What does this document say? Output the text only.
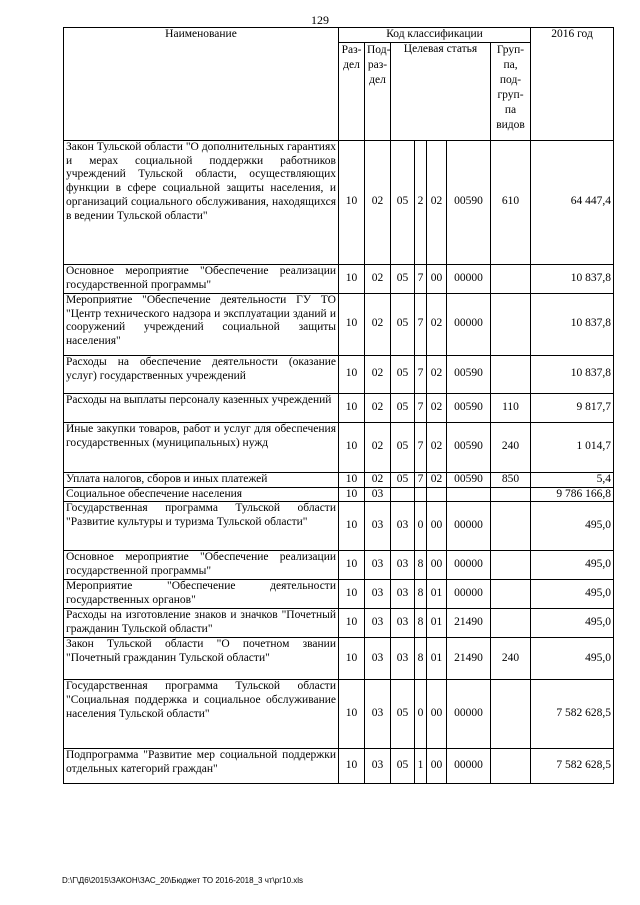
129
Наименование	Код классификации							2016 год
	Раз- дел	Под- раз- дел	Целевая статья				Груп- па, под- груп- па видов	
Закон Тульской области "О дополнительных гарантиях и мерах социальной поддержки работников учреждений Тульской области, осуществляющих функции в сфере социальной защиты населения, и организаций социального обслуживания, находящихся в ведении Тульской области"	10	02	05	2	02	00590	610	64 447,4
Основное мероприятие "Обеспечение реализации государственной программы"	10	02	05	7	00	00000		10 837,8
Мероприятие "Обеспечение деятельности ГУ ТО "Центр технического надзора и эксплуатации зданий и сооружений учреждений социальной защиты населения"	10	02	05	7	02	00000		10 837,8
Расходы на обеспечение деятельности (оказание услуг) государственных учреждений	10	02	05	7	02	00590		10 837,8
Расходы на выплаты персоналу казенных учреждений	10	02	05	7	02	00590	110	9 817,7
Иные закупки товаров, работ и услуг для обеспечения государственных (муниципальных) нужд	10	02	05	7	02	00590	240	1 014,7
Уплата налогов, сборов и иных платежей	10	02	05	7	02	00590	850	5,4
Социальное обеспечение населения	10	03						9 786 166,8
Государственная программа Тульской области "Развитие культуры и туризма Тульской области"	10	03	03	0	00	00000		495,0
Основное мероприятие "Обеспечение реализации государственной программы"	10	03	03	8	00	00000		495,0
Мероприятие "Обеспечение деятельности государственных органов"	10	03	03	8	01	00000		495,0
Расходы на изготовление знаков и значков "Почетный гражданин Тульской области"	10	03	03	8	01	21490		495,0
Закон Тульской области "О почетном звании "Почетный гражданин Тульской области"	10	03	03	8	01	21490	240	495,0
Государственная программа Тульской области "Социальная поддержка и социальное обслуживание населения Тульской области"	10	03	05	0	00	00000		7 582 628,5
Подпрограмма "Развитие мер социальной поддержки отдельных категорий граждан"	10	03	05	1	00	00000		7 582 628,5
D:\Г\Д6\2015\ЗАКОН\ЗАС_20\Бюджет ТО 2016-2018_3 чт\рг10.xls
